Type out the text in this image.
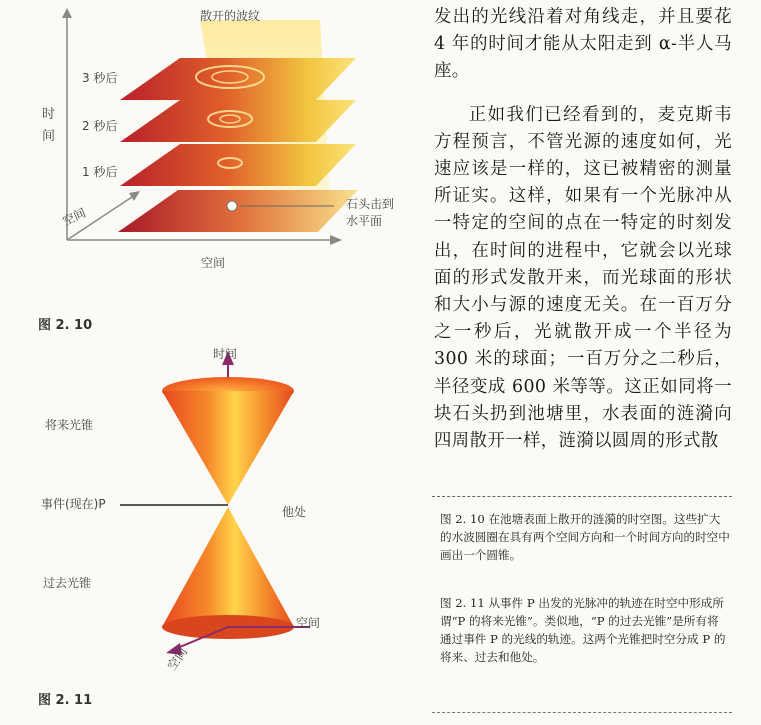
散开的波纹
时
间
3 秒后
2 秒后
1 秒后
空间
空间
石头击到
水平面
图 2. 10
时间
将来光锥
事件(现在)P
他处
过去光锥
空间
空间
图 2. 11

发出的光线沿着对角线走，并且要花 4 年的时间才能从太阳走到 α-半人马座。

正如我们已经看到的，麦克斯韦方程预言，不管光源的速度如何，光速应该是一样的，这已被精密的测量所证实。这样，如果有一个光脉冲从一特定的空间的点在一特定的时刻发出，在时间的进程中，它就会以光球面的形式发散开来，而光球面的形状和大小与源的速度无关。在一百万分之一秒后，光就散开成一个半径为 300 米的球面；一百万分之二秒后，半径变成 600 米等等。这正如同将一块石头扔到池塘里，水表面的涟漪向四周散开一样，涟漪以圆周的形式散

图 2. 10 在池塘表面上散开的涟漪的时空图。这些扩大的水波圆圈在具有两个空间方向和一个时间方向的时空中画出一个圆锥。
图 2. 11 从事件 P 出发的光脉冲的轨迹在时空中形成所谓“P 的将来光锥”。类似地，“P 的过去光锥”是所有将通过事件 P 的光线的轨迹。这两个光锥把时空分成 P 的将来、过去和他处。
